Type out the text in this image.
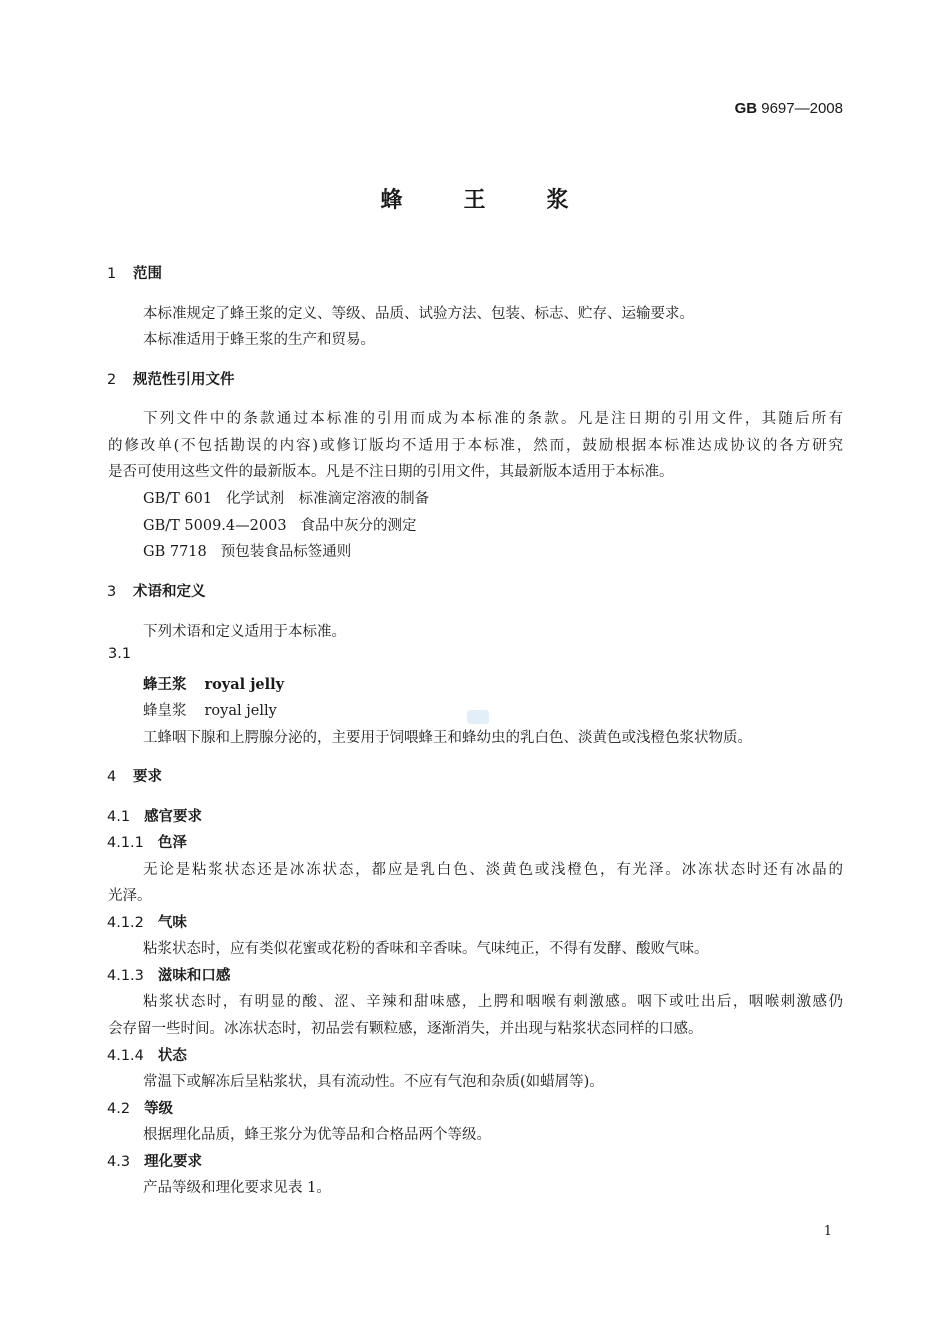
GB 9697—2008
蜂	王	浆
1 范围
本标准规定了蜂王浆的定义、等级、品质、试验方法、包装、标志、贮存、运输要求。
本标准适用于蜂王浆的生产和贸易。
2 规范性引用文件
下列文件中的条款通过本标准的引用而成为本标准的条款。凡是注日期的引用文件，其随后所有
的修改单(不包括勘误的内容)或修订版均不适用于本标准，然而，鼓励根据本标准达成协议的各方研究
是否可使用这些文件的最新版本。凡是不注日期的引用文件，其最新版本适用于本标准。
GB/T 601 化学试剂　标准滴定溶液的制备
GB/T 5009.4—2003 食品中灰分的测定
GB 7718 预包装食品标签通则
3 术语和定义
下列术语和定义适用于本标准。
3.1
蜂王浆 royal jelly
蜂皇浆 royal jelly
工蜂咽下腺和上腭腺分泌的，主要用于饲喂蜂王和蜂幼虫的乳白色、淡黄色或浅橙色浆状物质。
4 要求
4.1 感官要求
4.1.1 色泽
无论是粘浆状态还是冰冻状态，都应是乳白色、淡黄色或浅橙色，有光泽。冰冻状态时还有冰晶的
光泽。
4.1.2 气味
粘浆状态时，应有类似花蜜或花粉的香味和辛香味。气味纯正，不得有发酵、酸败气味。
4.1.3 滋味和口感
粘浆状态时，有明显的酸、涩、辛辣和甜味感，上腭和咽喉有刺激感。咽下或吐出后，咽喉刺激感仍
会存留一些时间。冰冻状态时，初品尝有颗粒感，逐渐消失，并出现与粘浆状态同样的口感。
4.1.4 状态
常温下或解冻后呈粘浆状，具有流动性。不应有气泡和杂质(如蜡屑等)。
4.2 等级
根据理化品质，蜂王浆分为优等品和合格品两个等级。
4.3 理化要求
产品等级和理化要求见表 1。
1
